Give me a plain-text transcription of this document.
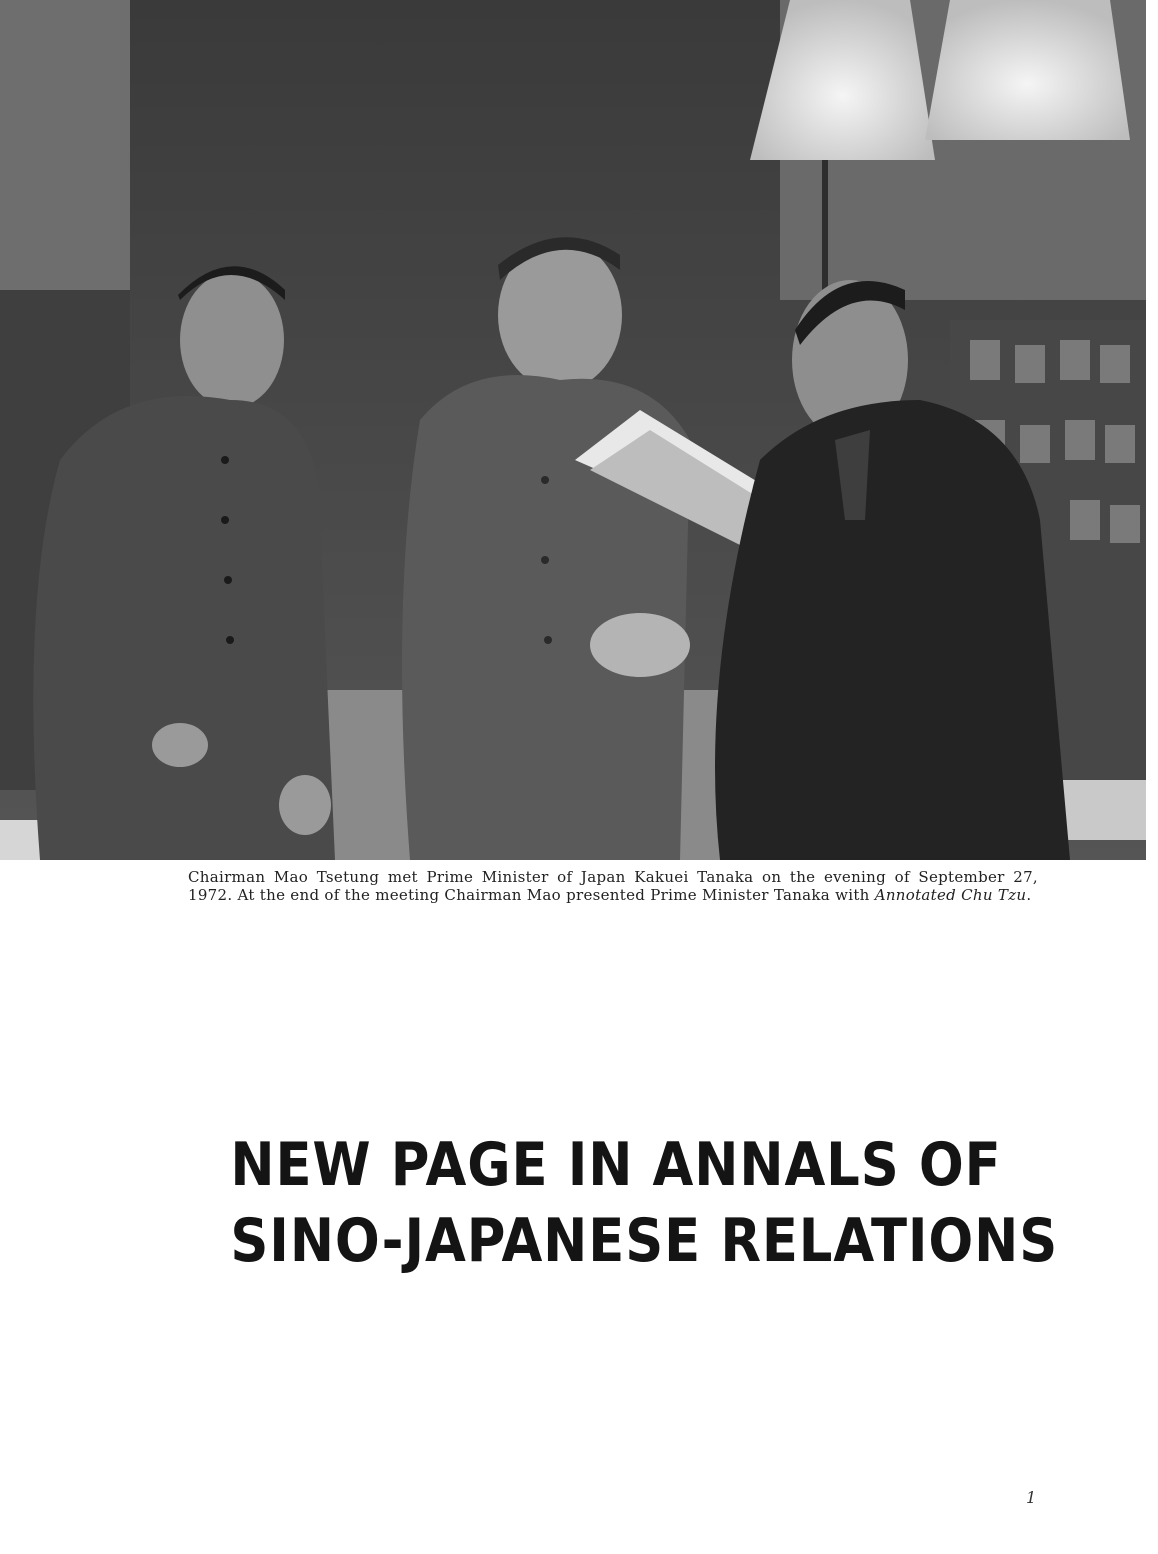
Chairman Mao Tsetung met Prime Minister of Japan Kakuei Tanaka on the evening of September 27,
1972. At the end of the meeting Chairman Mao presented Prime Minister Tanaka with Annotated Chu Tzu.
NEW PAGE IN ANNALS OF
SINO-JAPANESE RELATIONS
1
